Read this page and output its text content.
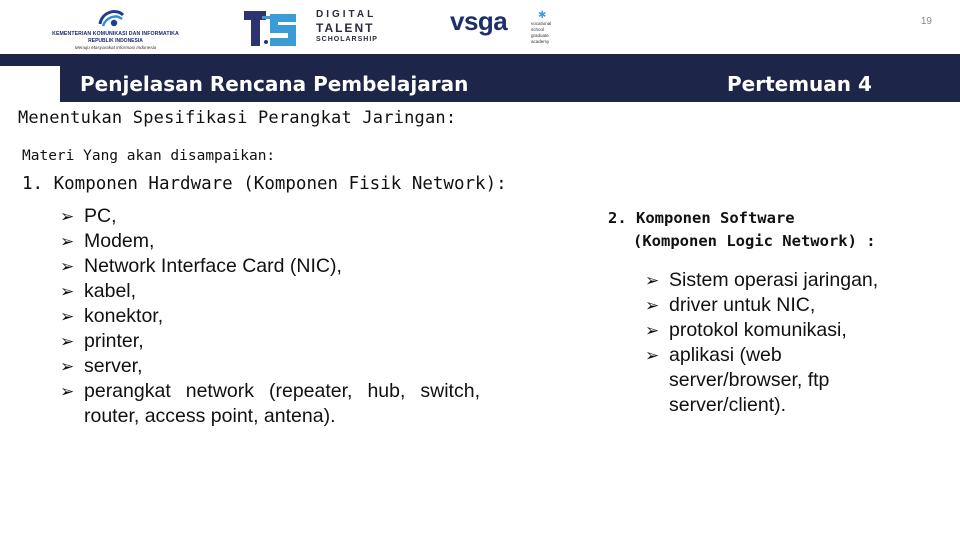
KEMENTERIAN KOMUNIKASI DAN INFORMATIKA
REPUBLIK INDONESIA
Menuju Masyarakat Informasi Indonesia
DIGITAL
TALENT
SCHOLARSHIP
vsga	✱
vocational
school
graduate
academy
19
Penjelasan Rencana Pembelajaran	Pertemuan 4
Menentukan Spesifikasi Perangkat Jaringan:
Materi Yang akan disampaikan:
1. Komponen Hardware (Komponen Fisik Network):
➢ PC,
➢ Modem,
➢ Network Interface Card (NIC),
➢ kabel,
➢ konektor,
➢ printer,
➢ server,
➢ perangkat network (repeater, hub, switch, router, access point, antena).
2. Komponen Software
(Komponen Logic Network) :
➢ Sistem operasi jaringan,
➢ driver untuk NIC,
➢ protokol komunikasi,
➢ aplikasi (web server/browser, ftp server/client).
